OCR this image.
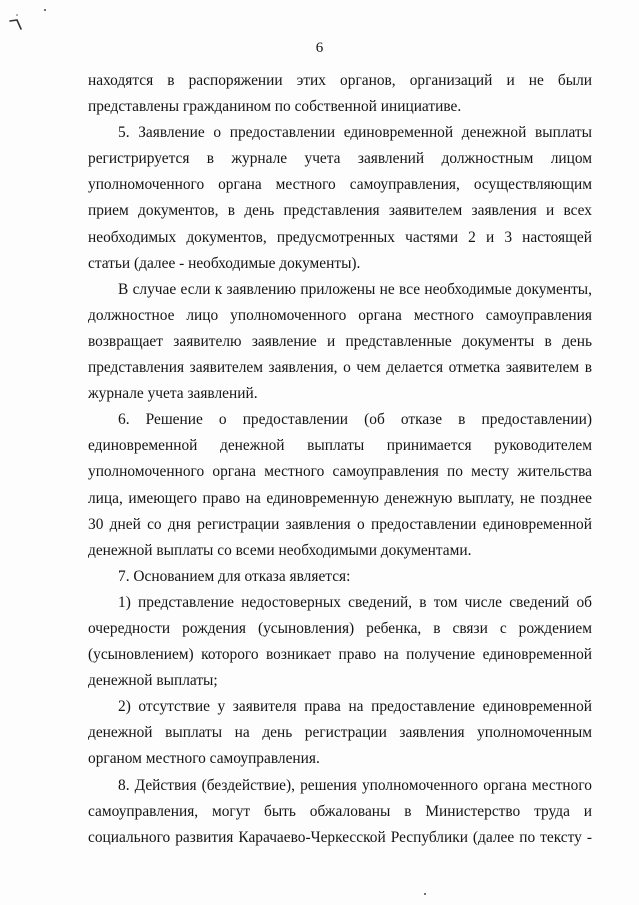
6

находятся в распоряжении этих органов, организаций и не были представлены гражданином по собственной инициативе.

5. Заявление о предоставлении единовременной денежной выплаты регистрируется в журнале учета заявлений должностным лицом уполномоченного органа местного самоуправления, осуществляющим прием документов, в день представления заявителем заявления и всех необходимых документов, предусмотренных частями 2 и 3 настоящей статьи (далее - необходимые документы).

В случае если к заявлению приложены не все необходимые документы, должностное лицо уполномоченного органа местного самоуправления возвращает заявителю заявление и представленные документы в день представления заявителем заявления, о чем делается отметка заявителем в журнале учета заявлений.

6. Решение о предоставлении (об отказе в предоставлении) единовременной денежной выплаты принимается руководителем уполномоченного органа местного самоуправления по месту жительства лица, имеющего право на единовременную денежную выплату, не позднее 30 дней со дня регистрации заявления о предоставлении единовременной денежной выплаты со всеми необходимыми документами.

7. Основанием для отказа является:

1) представление недостоверных сведений, в том числе сведений об очередности рождения (усыновления) ребенка, в связи с рождением (усыновлением) которого возникает право на получение единовременной денежной выплаты;

2) отсутствие у заявителя права на предоставление единовременной денежной выплаты на день регистрации заявления уполномоченным органом местного самоуправления.

8. Действия (бездействие), решения уполномоченного органа местного самоуправления, могут быть обжалованы в Министерство труда и социального развития Карачаево-Черкесской Республики (далее по тексту -
